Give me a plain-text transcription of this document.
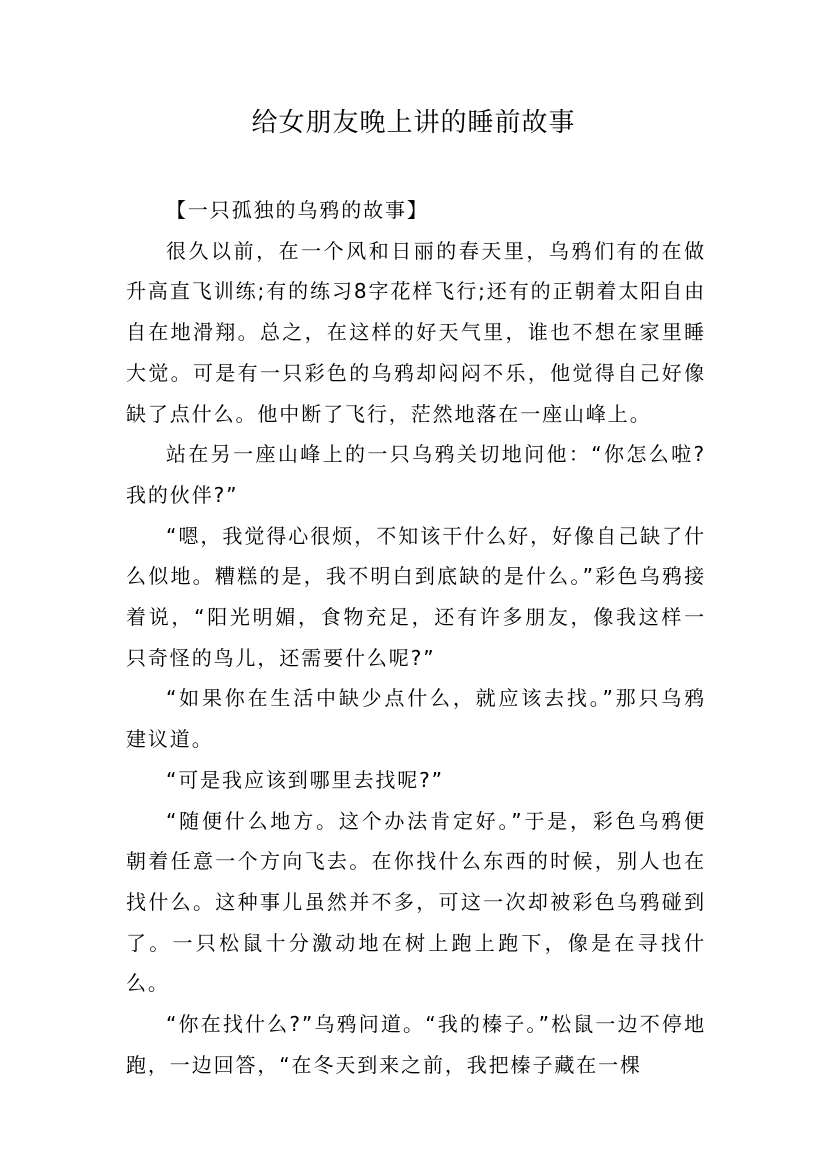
给女朋友晚上讲的睡前故事

【一只孤独的乌鸦的故事】

很久以前，在一个风和日丽的春天里，乌鸦们有的在做升高直飞训练;有的练习8字花样飞行;还有的正朝着太阳自由自在地滑翔。总之，在这样的好天气里，谁也不想在家里睡大觉。可是有一只彩色的乌鸦却闷闷不乐，他觉得自己好像缺了点什么。他中断了飞行，茫然地落在一座山峰上。

站在另一座山峰上的一只乌鸦关切地问他：“你怎么啦?我的伙伴?”

“嗯，我觉得心很烦，不知该干什么好，好像自己缺了什么似地。糟糕的是，我不明白到底缺的是什么。”彩色乌鸦接着说，“阳光明媚，食物充足，还有许多朋友，像我这样一只奇怪的鸟儿，还需要什么呢?”

“如果你在生活中缺少点什么，就应该去找。”那只乌鸦建议道。

“可是我应该到哪里去找呢?”

“随便什么地方。这个办法肯定好。”于是，彩色乌鸦便朝着任意一个方向飞去。在你找什么东西的时候，别人也在找什么。这种事儿虽然并不多，可这一次却被彩色乌鸦碰到了。一只松鼠十分激动地在树上跑上跑下，像是在寻找什么。

“你在找什么?”乌鸦问道。“我的榛子。”松鼠一边不停地跑，一边回答，“在冬天到来之前，我把榛子藏在一棵
